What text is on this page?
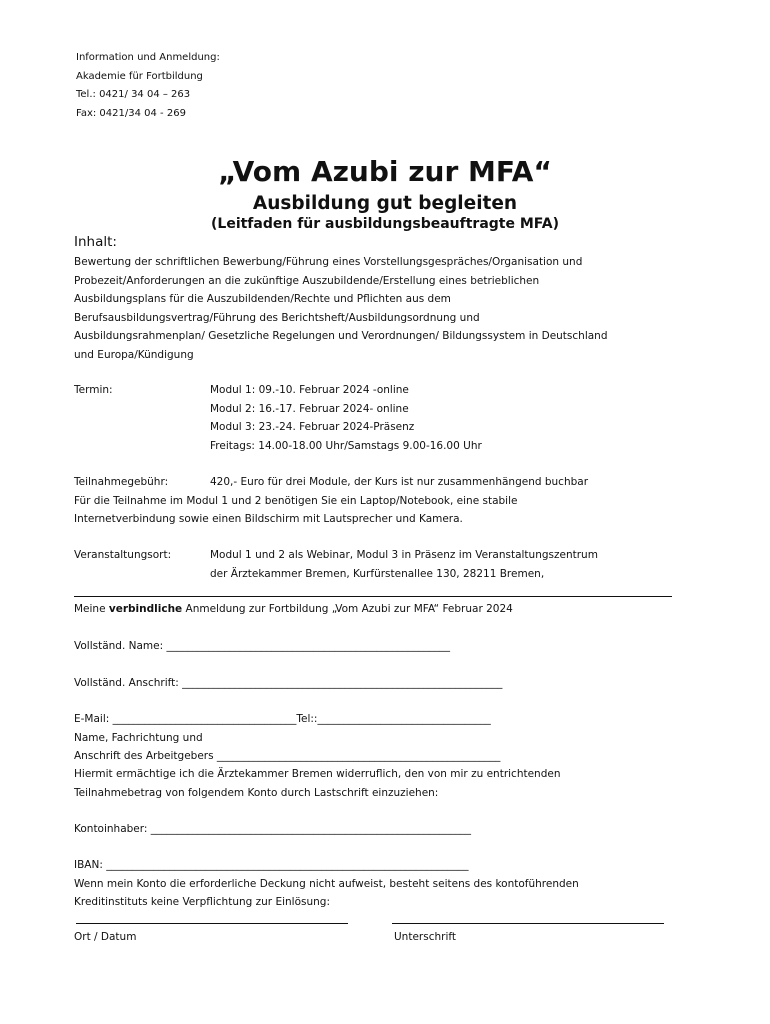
Information und Anmeldung:
Akademie für Fortbildung
Tel.: 0421/ 34 04 – 263
Fax: 0421/34 04 - 269
„Vom Azubi zur MFA“
Ausbildung gut begleiten
(Leitfaden für ausbildungsbeauftragte MFA)
Inhalt:
Bewertung der schriftlichen Bewerbung/Führung eines Vorstellungsgespräches/Organisation und
Probezeit/Anforderungen an die zukünftige Auszubildende/Erstellung eines betrieblichen
Ausbildungsplans für die Auszubildenden/Rechte und Pflichten aus dem
Berufsausbildungsvertrag/Führung des Berichtsheft/Ausbildungsordnung und
Ausbildungsrahmenplan/ Gesetzliche Regelungen und Verordnungen/ Bildungssystem in Deutschland
und Europa/Kündigung
Termin:	Modul 1: 09.-10. Februar 2024 -online
Modul 2: 16.-17. Februar 2024- online
Modul 3: 23.-24. Februar 2024-Präsenz
Freitags: 14.00-18.00 Uhr/Samstags 9.00-16.00 Uhr
Teilnahmegebühr:	420,- Euro für drei Module, der Kurs ist nur zusammenhängend buchbar
Für die Teilnahme im Modul 1 und 2 benötigen Sie ein Laptop/Notebook, eine stabile
Internetverbindung sowie einen Bildschirm mit Lautsprecher und Kamera.
Veranstaltungsort:	Modul 1 und 2 als Webinar, Modul 3 in Präsenz im Veranstaltungszentrum
der Ärztekammer Bremen, Kurfürstenallee 130, 28211 Bremen,
Meine verbindliche Anmeldung zur Fortbildung „Vom Azubi zur MFA“ Februar 2024
Vollständ. Name: ______________________________________________________
Vollständ. Anschrift: _____________________________________________________________
E-Mail: ___________________________________Tel::_________________________________
Name, Fachrichtung und
Anschrift des Arbeitgebers ______________________________________________________
Hiermit ermächtige ich die Ärztekammer Bremen widerruflich, den von mir zu entrichtenden
Teilnahmebetrag von folgendem Konto durch Lastschrift einzuziehen:
Kontoinhaber: _____________________________________________________________
IBAN: _____________________________________________________________________
Wenn mein Konto die erforderliche Deckung nicht aufweist, besteht seitens des kontoführenden
Kreditinstituts keine Verpflichtung zur Einlösung:
Ort / Datum	Unterschrift
